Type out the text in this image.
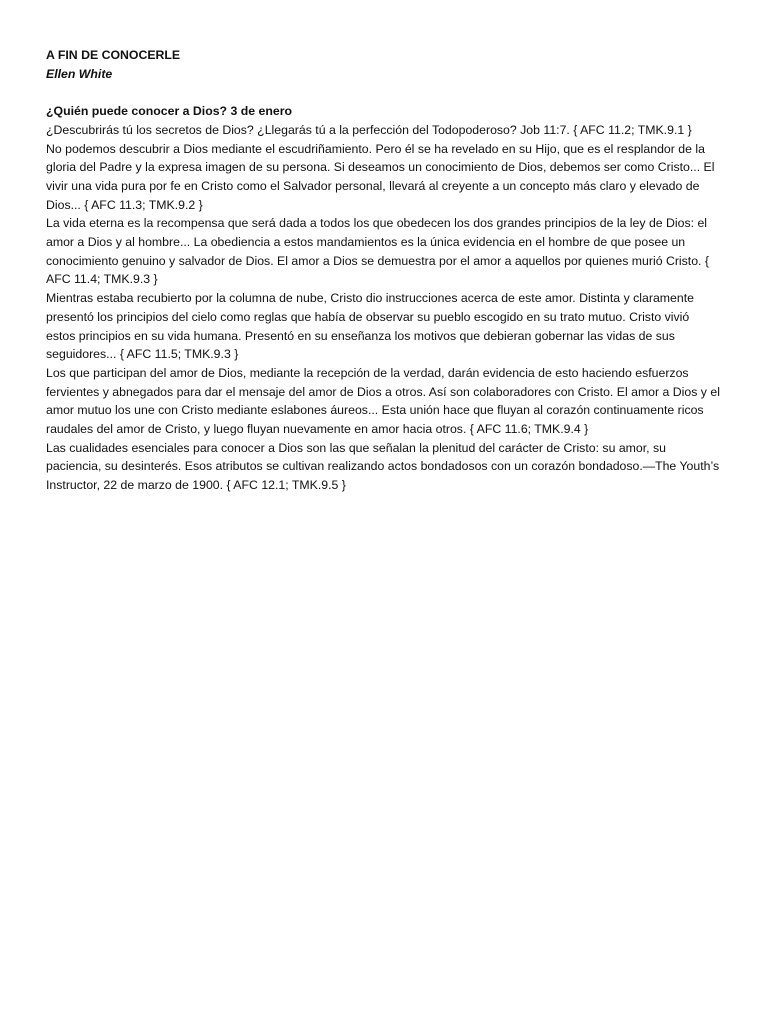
A FIN DE CONOCERLE

Ellen White

¿Quién puede conocer a Dios? 3 de enero

¿Descubrirás tú los secretos de Dios? ¿Llegarás tú a la perfección del Todopoderoso? Job 11:7. { AFC 11.2; TMK.9.1 }

No podemos descubrir a Dios mediante el escudriñamiento. Pero él se ha revelado en su Hijo, que es el resplandor de la gloria del Padre y la expresa imagen de su persona. Si deseamos un conocimiento de Dios, debemos ser como Cristo... El vivir una vida pura por fe en Cristo como el Salvador personal, llevará al creyente a un concepto más claro y elevado de Dios... { AFC 11.3; TMK.9.2 }

La vida eterna es la recompensa que será dada a todos los que obedecen los dos grandes principios de la ley de Dios: el amor a Dios y al hombre... La obediencia a estos mandamientos es la única evidencia en el hombre de que posee un conocimiento genuino y salvador de Dios. El amor a Dios se demuestra por el amor a aquellos por quienes murió Cristo. { AFC 11.4; TMK.9.3 }

Mientras estaba recubierto por la columna de nube, Cristo dio instrucciones acerca de este amor. Distinta y claramente presentó los principios del cielo como reglas que había de observar su pueblo escogido en su trato mutuo. Cristo vivió estos principios en su vida humana. Presentó en su enseñanza los motivos que debieran gobernar las vidas de sus seguidores... { AFC 11.5; TMK.9.3 }

Los que participan del amor de Dios, mediante la recepción de la verdad, darán evidencia de esto haciendo esfuerzos fervientes y abnegados para dar el mensaje del amor de Dios a otros. Así son colaboradores con Cristo. El amor a Dios y el amor mutuo los une con Cristo mediante eslabones áureos... Esta unión hace que fluyan al corazón continuamente ricos raudales del amor de Cristo, y luego fluyan nuevamente en amor hacia otros. { AFC 11.6; TMK.9.4 }

Las cualidades esenciales para conocer a Dios son las que señalan la plenitud del carácter de Cristo: su amor, su paciencia, su desinterés. Esos atributos se cultivan realizando actos bondadosos con un corazón bondadoso.—The Youth’s Instructor, 22 de marzo de 1900. { AFC 12.1; TMK.9.5 }
